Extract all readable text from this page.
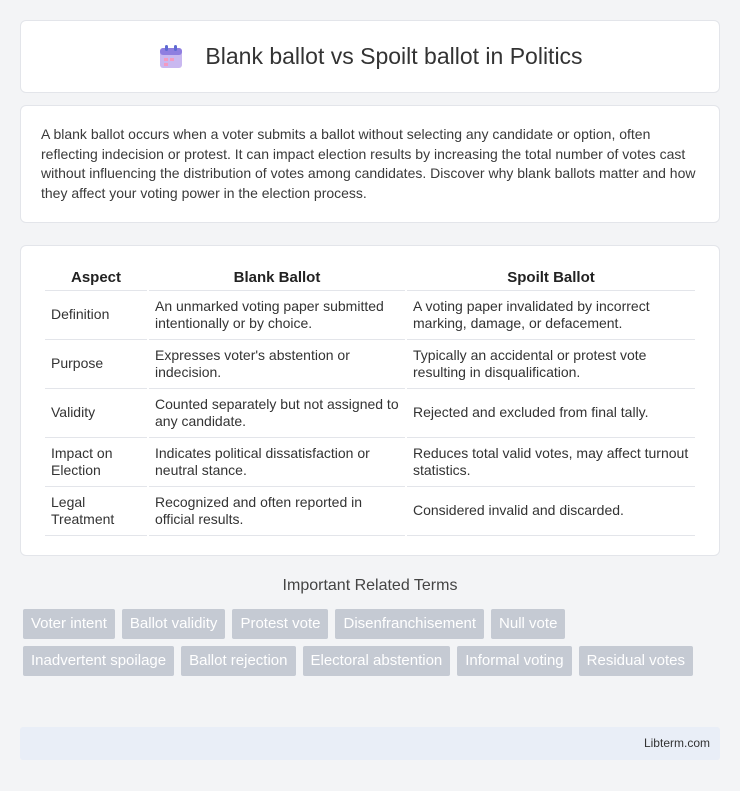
Blank ballot vs Spoilt ballot in Politics

A blank ballot occurs when a voter submits a ballot without selecting any candidate or option, often reflecting indecision or protest. It can impact election results by increasing the total number of votes cast without influencing the distribution of votes among candidates. Discover why blank ballots matter and how they affect your voting power in the election process.

Aspect	Blank Ballot	Spoilt Ballot
Definition	An unmarked voting paper submitted intentionally or by choice.	A voting paper invalidated by incorrect marking, damage, or defacement.
Purpose	Expresses voter's abstention or indecision.	Typically an accidental or protest vote resulting in disqualification.
Validity	Counted separately but not assigned to any candidate.	Rejected and excluded from final tally.
Impact on Election	Indicates political dissatisfaction or neutral stance.	Reduces total valid votes, may affect turnout statistics.
Legal Treatment	Recognized and often reported in official results.	Considered invalid and discarded.
Important Related Terms
Voter intent	Ballot validity	Protest vote	Disenfranchisement	Null vote
Inadvertent spoilage	Ballot rejection	Electoral abstention	Informal voting	Residual votes
Libterm.com
